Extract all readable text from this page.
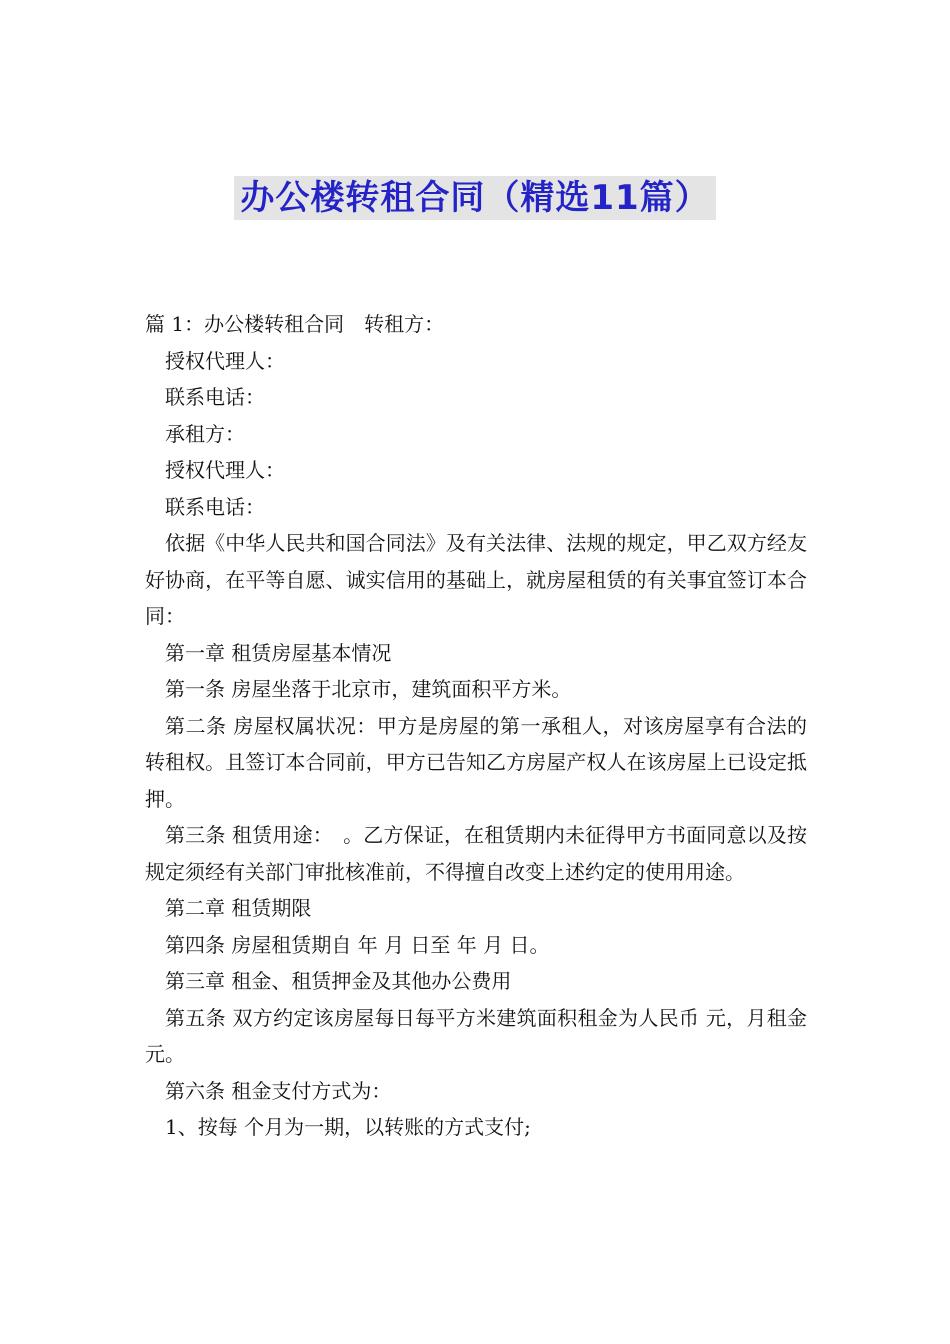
办公楼转租合同（精选11篇）

篇 1：办公楼转租合同　转租方：

授权代理人：

联系电话：

承租方：

授权代理人：

联系电话：

依据《中华人民共和国合同法》及有关法律、法规的规定，甲乙双方经友好协商，在平等自愿、诚实信用的基础上，就房屋租赁的有关事宜签订本合同：

第一章 租赁房屋基本情况

第一条 房屋坐落于北京市，建筑面积平方米。

第二条 房屋权属状况：甲方是房屋的第一承租人，对该房屋享有合法的转租权。且签订本合同前，甲方已告知乙方房屋产权人在该房屋上已设定抵押。

第三条 租赁用途：　。乙方保证，在租赁期内未征得甲方书面同意以及按规定须经有关部门审批核准前，不得擅自改变上述约定的使用用途。

第二章 租赁期限

第四条 房屋租赁期自 年 月 日至 年 月 日。

第三章 租金、租赁押金及其他办公费用

第五条 双方约定该房屋每日每平方米建筑面积租金为人民币 元，月租金 元。

第六条 租金支付方式为：

1、按每 个月为一期，以转账的方式支付;
